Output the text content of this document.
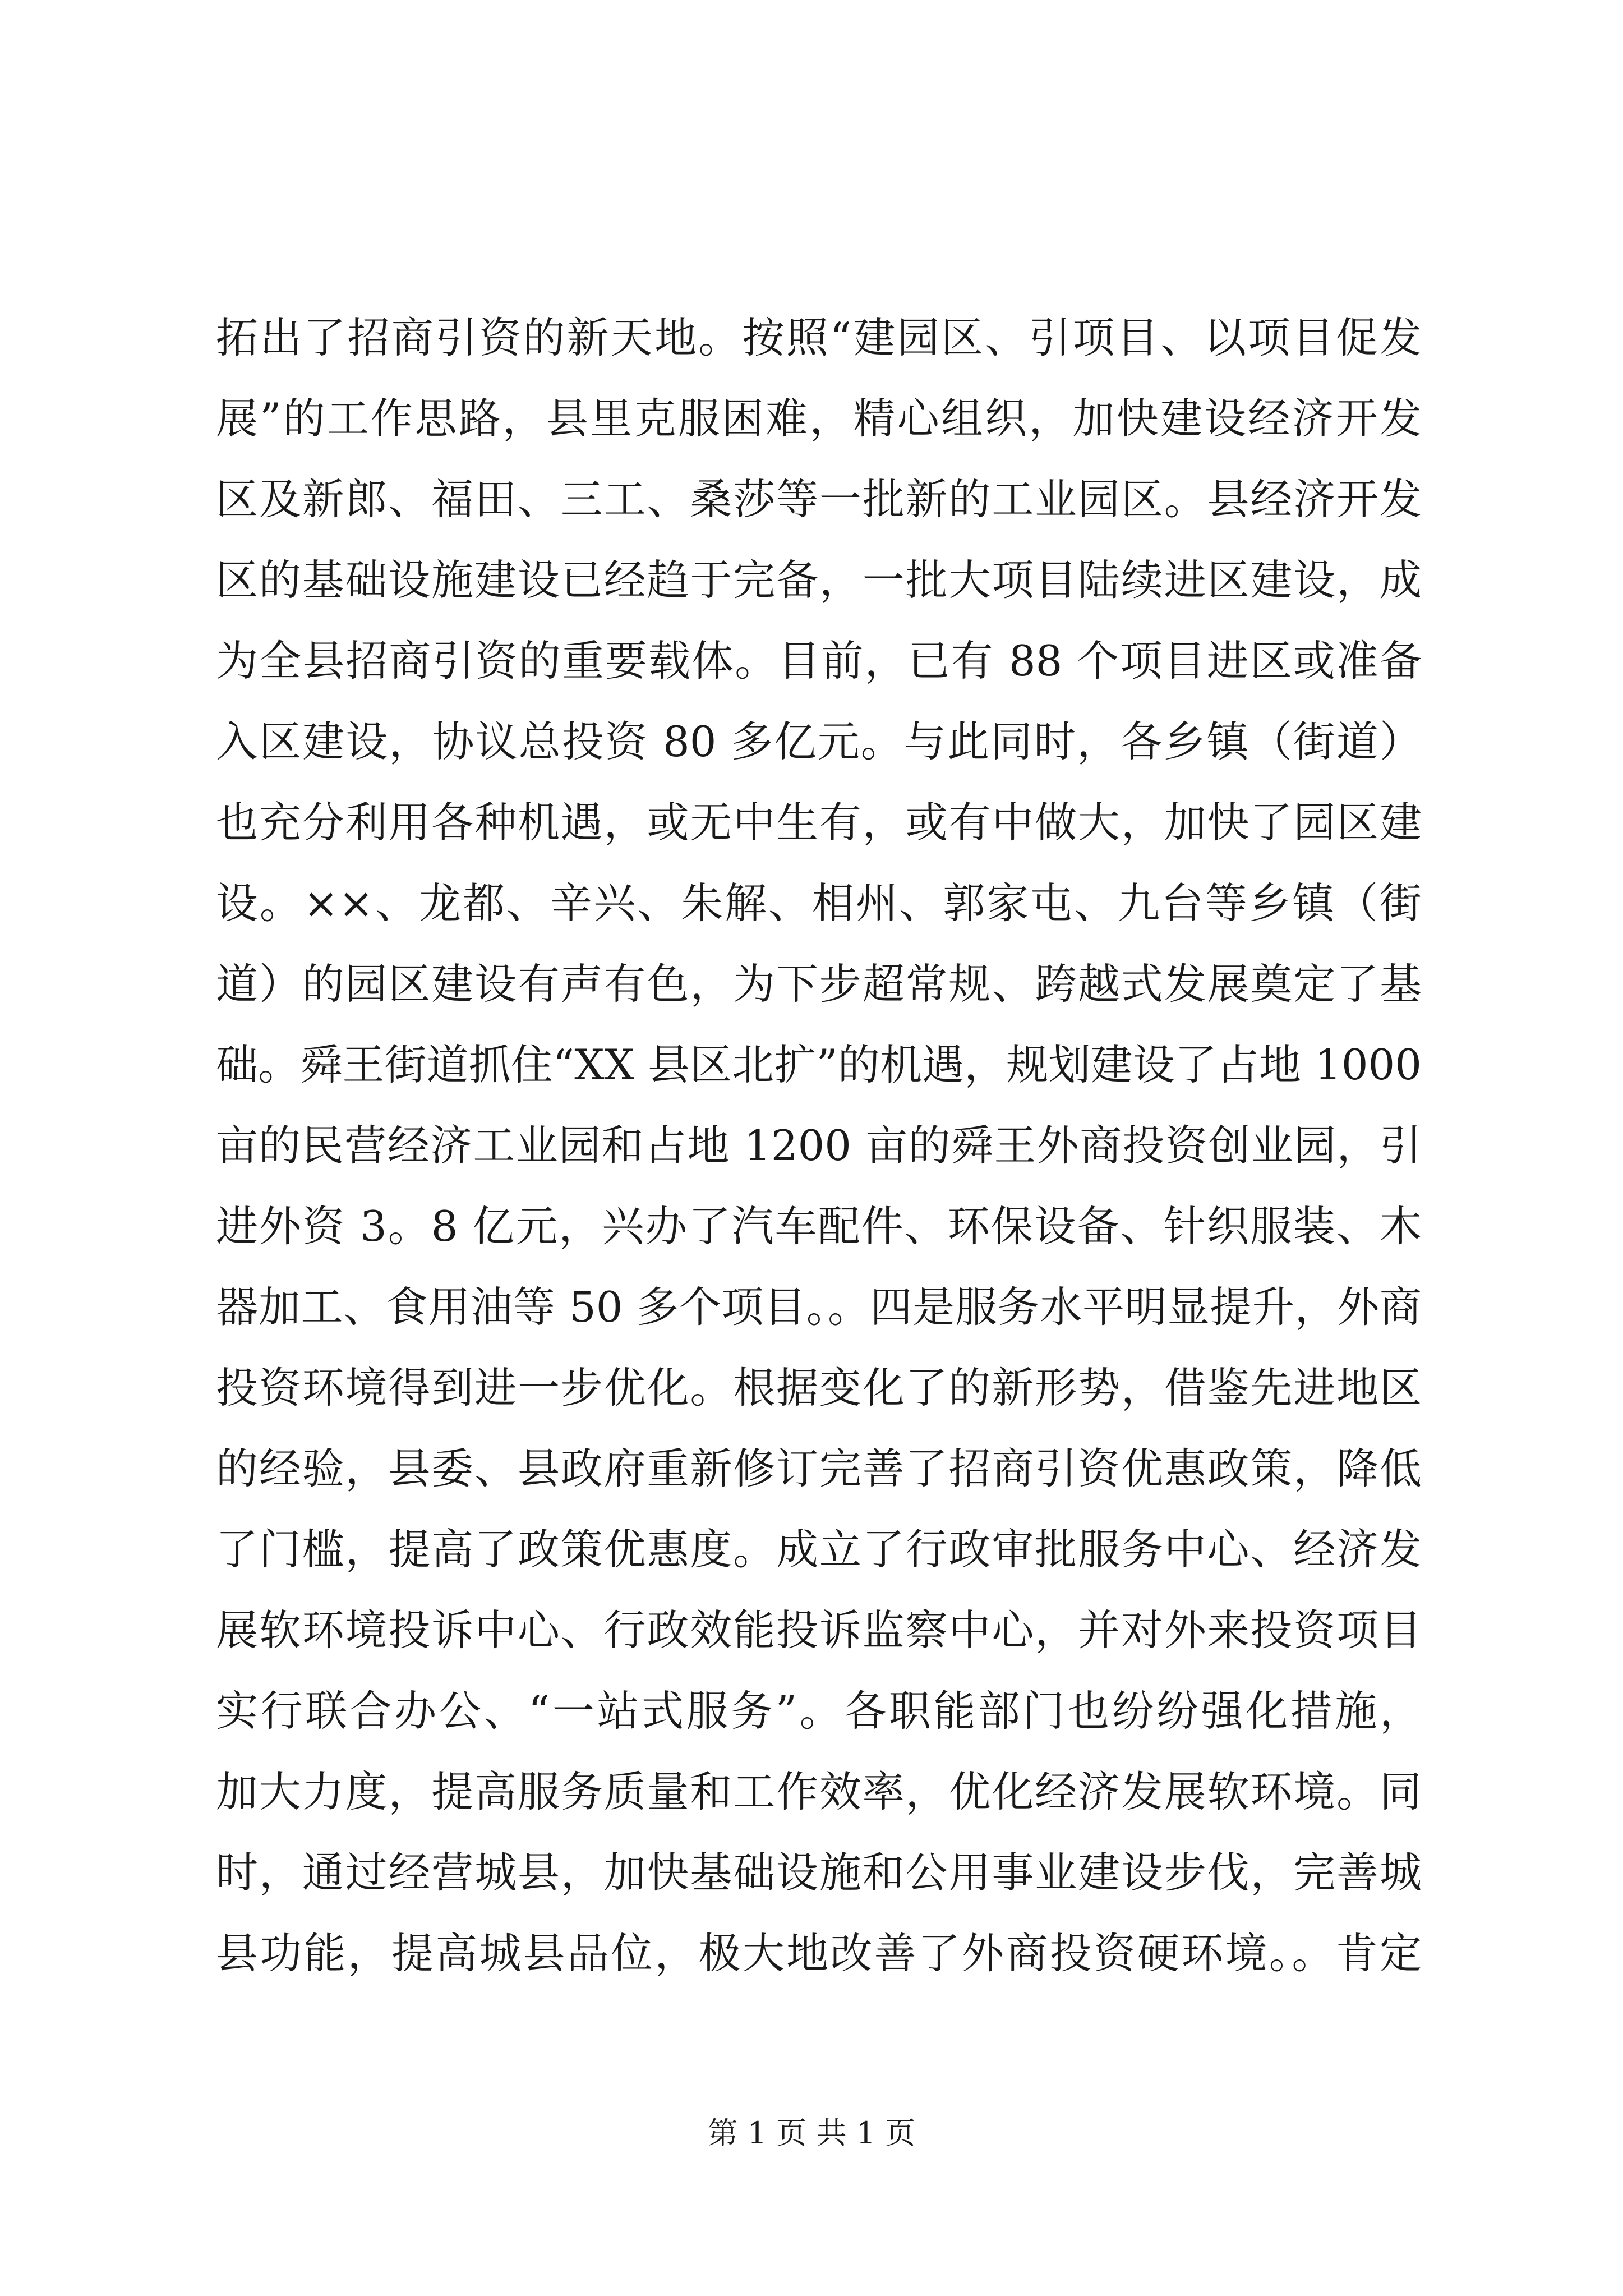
拓出了招商引资的新天地。按照“建园区、引项目、以项目促发
展”的工作思路，县里克服困难，精心组织，加快建设经济开发
区及新郎、福田、三工、桑莎等一批新的工业园区。县经济开发
区的基础设施建设已经趋于完备，一批大项目陆续进区建设，成
为全县招商引资的重要载体。目前，已有 88 个项目进区或准备
入区建设，协议总投资 80 多亿元。与此同时，各乡镇（街道）
也充分利用各种机遇，或无中生有，或有中做大，加快了园区建
设。××、龙都、辛兴、朱解、相州、郭家屯、九台等乡镇（街
道）的园区建设有声有色，为下步超常规、跨越式发展奠定了基
础。舜王街道抓住“XX 县区北扩”的机遇，规划建设了占地 1000
亩的民营经济工业园和占地 1200 亩的舜王外商投资创业园，引
进外资 3。8 亿元，兴办了汽车配件、环保设备、针织服装、木
器加工、食用油等 50 多个项目。。四是服务水平明显提升，外商
投资环境得到进一步优化。根据变化了的新形势，借鉴先进地区
的经验，县委、县政府重新修订完善了招商引资优惠政策，降低
了门槛，提高了政策优惠度。成立了行政审批服务中心、经济发
展软环境投诉中心、行政效能投诉监察中心，并对外来投资项目
实行联合办公、“一站式服务”。各职能部门也纷纷强化措施，
加大力度，提高服务质量和工作效率，优化经济发展软环境。同
时，通过经营城县，加快基础设施和公用事业建设步伐，完善城
县功能，提高城县品位，极大地改善了外商投资硬环境。。肯定
第 1 页 共 1 页
